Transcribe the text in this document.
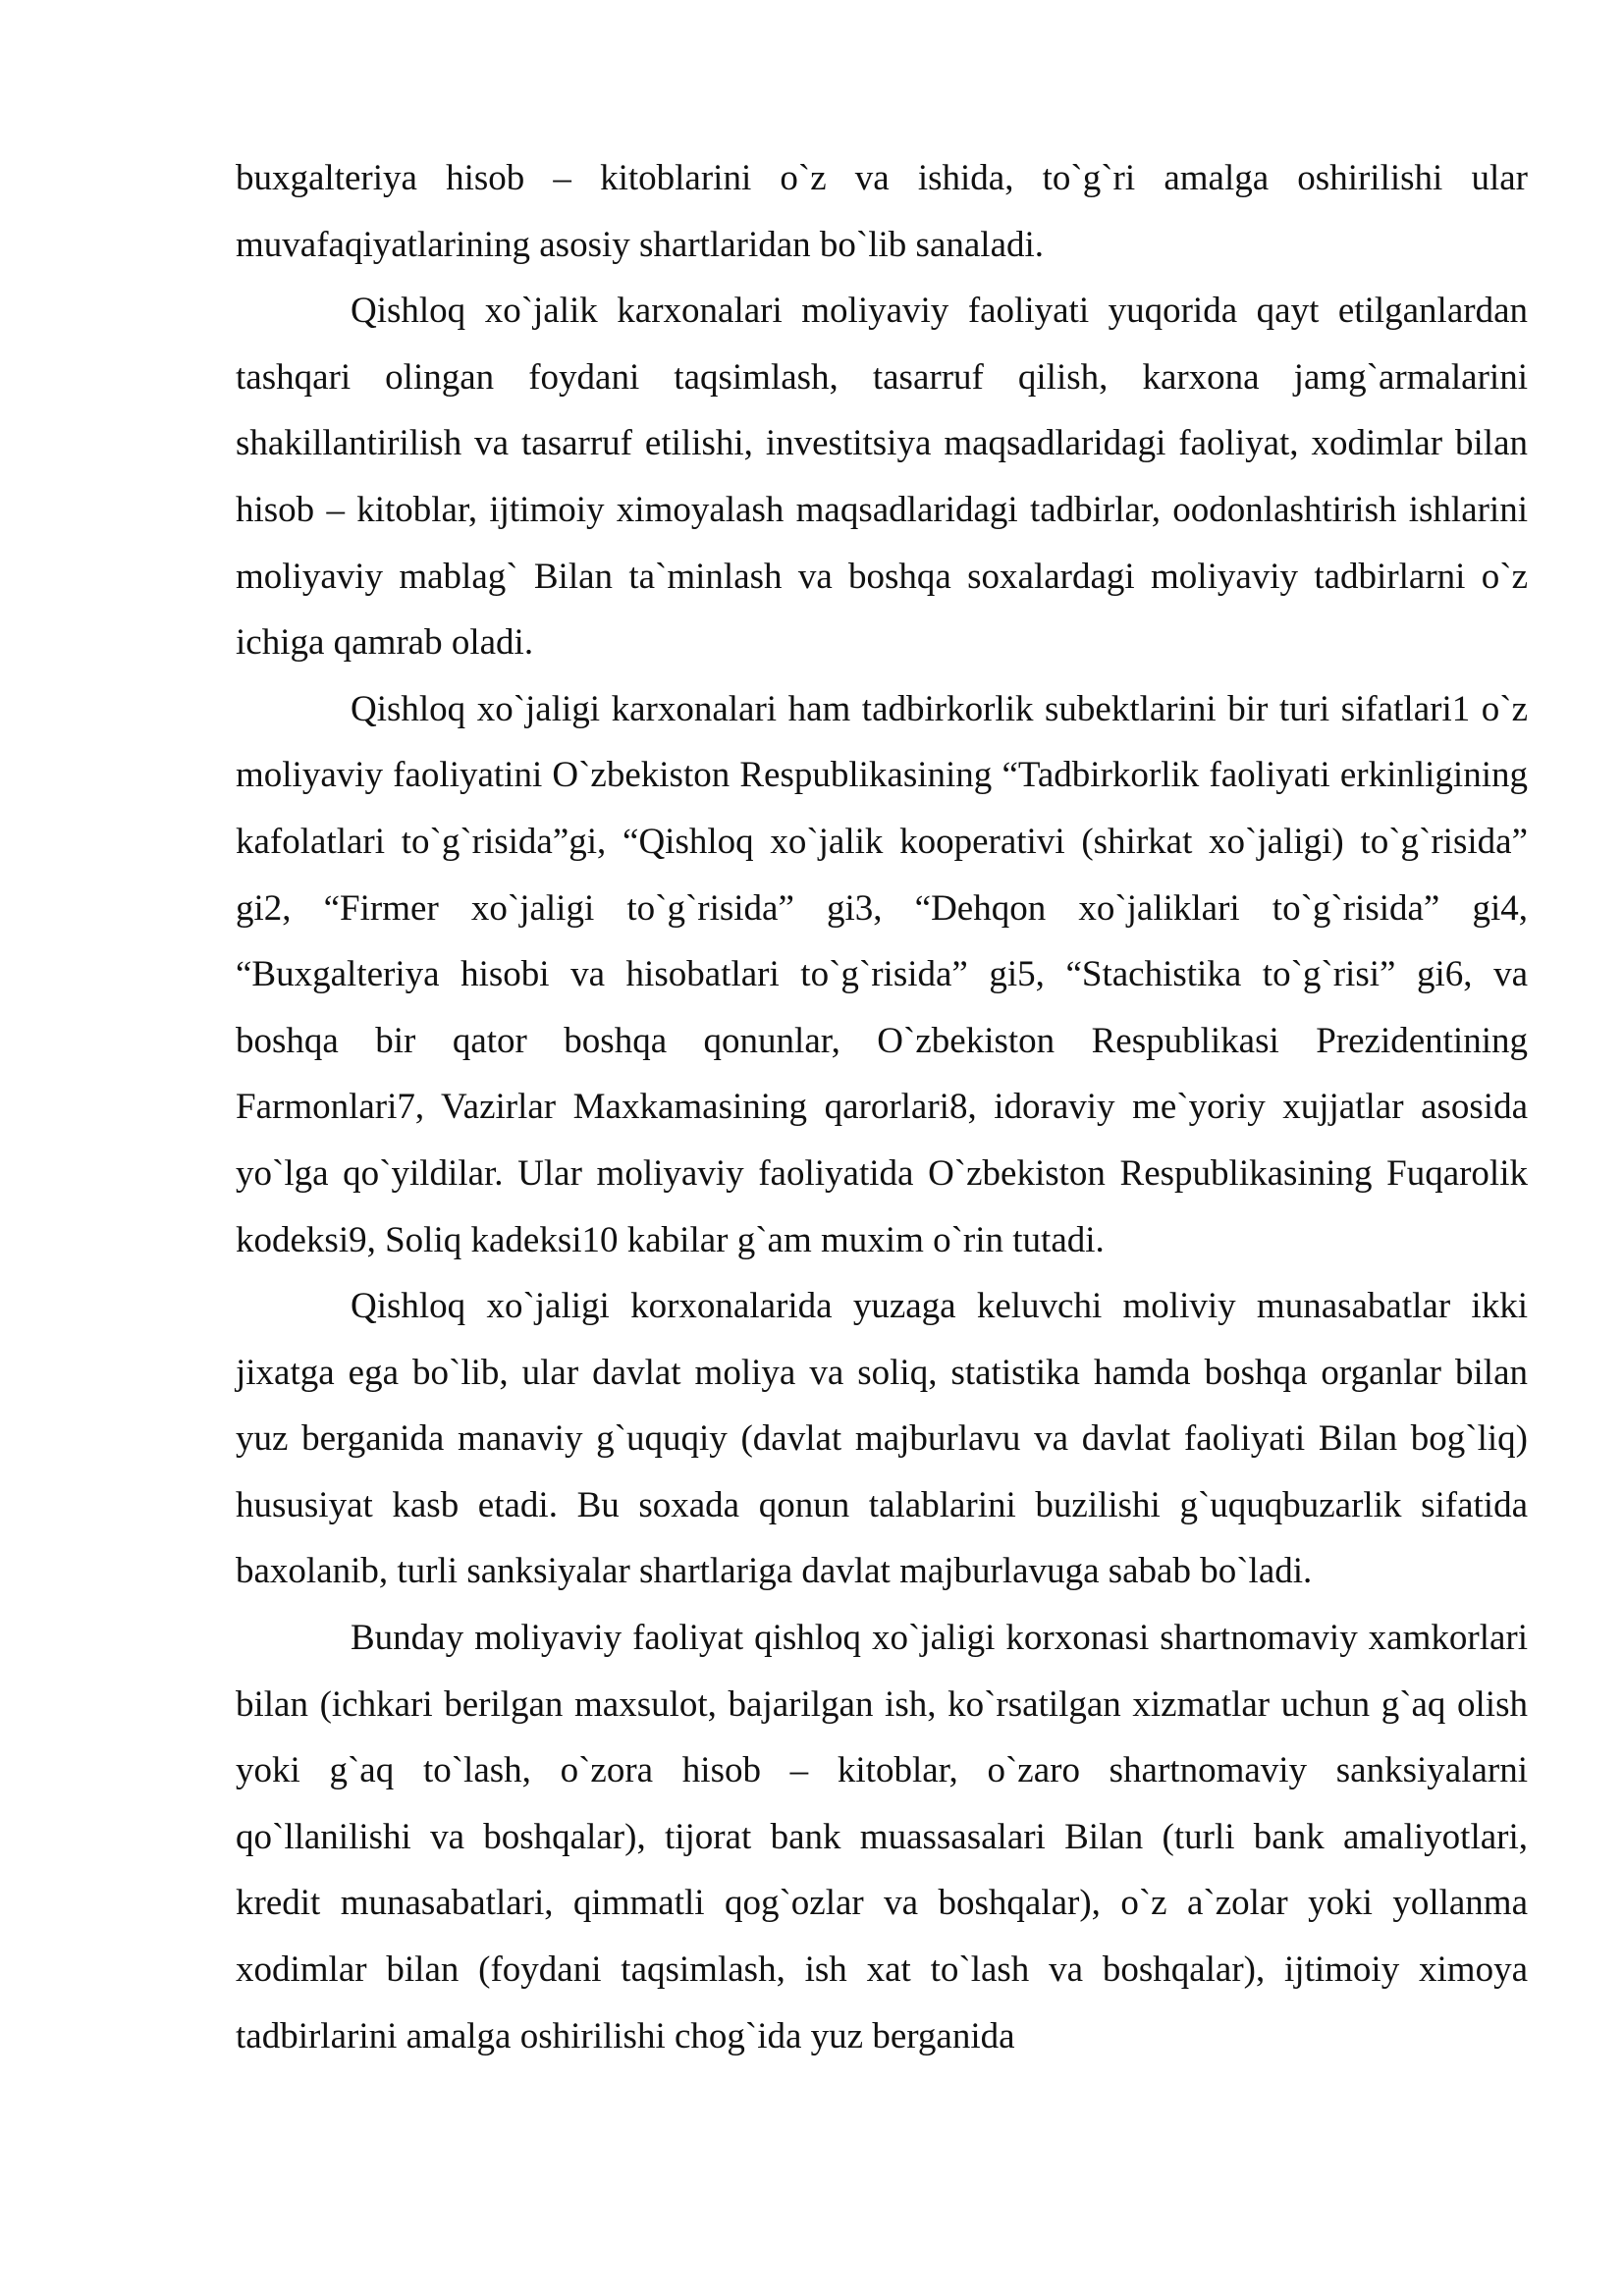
buxgalteriya hisob – kitoblarini o`z va ishida, to`g`ri amalga oshirilishi ular muvafaqiyatlarining asosiy shartlaridan bo`lib sanaladi.

Qishloq xo`jalik karxonalari moliyaviy faoliyati yuqorida qayt etilganlardan tashqari olingan foydani taqsimlash, tasarruf qilish, karxona jamg`armalarini shakillantirilish va tasarruf etilishi, investitsiya maqsadlaridagi faoliyat, xodimlar bilan hisob – kitoblar, ijtimoiy ximoyalash maqsadlaridagi tadbirlar, oodonlashtirish ishlarini moliyaviy mablag` Bilan ta`minlash va boshqa soxalardagi moliyaviy tadbirlarni o`z ichiga qamrab oladi.

Qishloq xo`jaligi karxonalari ham tadbirkorlik subektlarini bir turi sifatlari1 o`z moliyaviy faoliyatini O`zbekiston Respublikasining “Tadbirkorlik faoliyati erkinligining kafolatlari to`g`risida”gi, “Qishloq xo`jalik kooperativi (shirkat xo`jaligi) to`g`risida” gi2, “Firmer xo`jaligi to`g`risida” gi3, “Dehqon xo`jaliklari to`g`risida” gi4, “Buxgalteriya hisobi va hisobatlari to`g`risida” gi5, “Stachistika to`g`risi” gi6, va boshqa bir qator boshqa qonunlar, O`zbekiston Respublikasi Prezidentining Farmonlari7, Vazirlar Maxkamasining qarorlari8, idoraviy me`yoriy xujjatlar asosida yo`lga qo`yildilar. Ular moliyaviy faoliyatida O`zbekiston Respublikasining Fuqarolik kodeksi9, Soliq kadeksi10 kabilar g`am muxim o`rin tutadi.

Qishloq xo`jaligi korxonalarida yuzaga keluvchi moliviy munasabatlar ikki jixatga ega bo`lib, ular davlat moliya va soliq, statistika hamda boshqa organlar bilan yuz berganida manaviy g`uquqiy (davlat majburlavu va davlat faoliyati Bilan bog`liq) hususiyat kasb etadi. Bu soxada qonun talablarini buzilishi g`uquqbuzarlik sifatida baxolanib, turli sanksiyalar shartlariga davlat majburlavuga sabab bo`ladi.

Bunday moliyaviy faoliyat qishloq xo`jaligi korxonasi shartnomaviy xamkorlari bilan (ichkari berilgan maxsulot, bajarilgan ish, ko`rsatilgan xizmatlar uchun g`aq olish yoki g`aq to`lash, o`zora hisob – kitoblar, o`zaro shartnomaviy sanksiyalarni qo`llanilishi va boshqalar), tijorat bank muassasalari Bilan (turli bank amaliyotlari, kredit munasabatlari, qimmatli qog`ozlar va boshqalar), o`z a`zolar yoki yollanma xodimlar bilan (foydani taqsimlash, ish xat to`lash va boshqalar), ijtimoiy ximoya tadbirlarini amalga oshirilishi chog`ida yuz berganida
